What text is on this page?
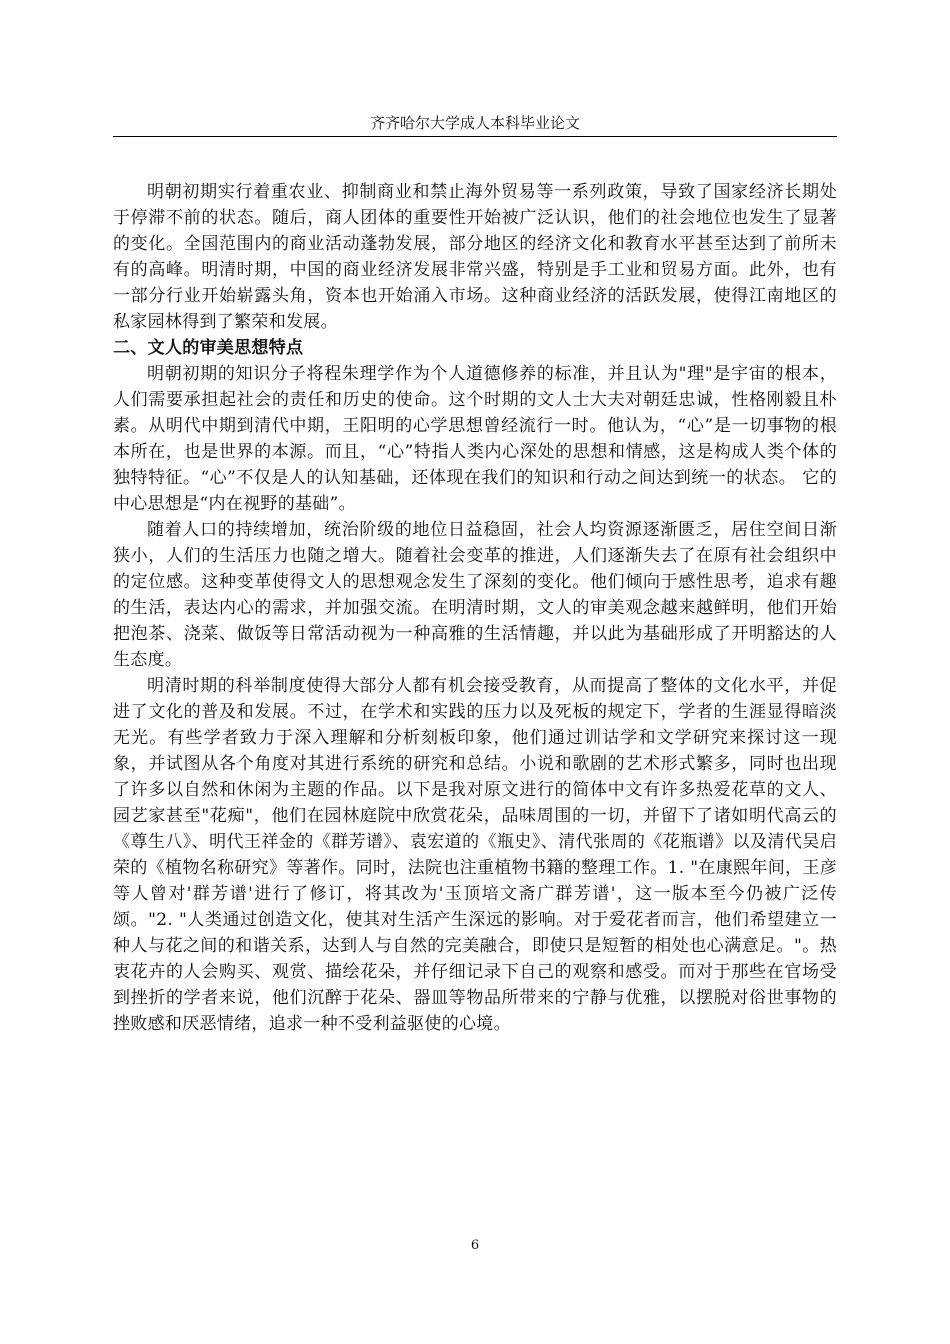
齐齐哈尔大学成人本科毕业论文

明朝初期实行着重农业、抑制商业和禁止海外贸易等一系列政策，导致了国家经济长期处于停滞不前的状态。随后，商人团体的重要性开始被广泛认识，他们的社会地位也发生了显著的变化。全国范围内的商业活动蓬勃发展，部分地区的经济文化和教育水平甚至达到了前所未有的高峰。明清时期，中国的商业经济发展非常兴盛，特别是手工业和贸易方面。此外，也有一部分行业开始崭露头角，资本也开始涌入市场。这种商业经济的活跃发展，使得江南地区的私家园林得到了繁荣和发展。

二、文人的审美思想特点

明朝初期的知识分子将程朱理学作为个人道德修养的标准，并且认为"理"是宇宙的根本，人们需要承担起社会的责任和历史的使命。这个时期的文人士大夫对朝廷忠诚，性格刚毅且朴素。从明代中期到清代中期，王阳明的心学思想曾经流行一时。他认为，“心”是一切事物的根本所在，也是世界的本源。而且，“心”特指人类内心深处的思想和情感，这是构成人类个体的独特特征。“心”不仅是人的认知基础，还体现在我们的知识和行动之间达到统一的状态。 它的中心思想是“内在视野的基础”。

随着人口的持续增加，统治阶级的地位日益稳固，社会人均资源逐渐匮乏，居住空间日渐狭小，人们的生活压力也随之增大。随着社会变革的推进，人们逐渐失去了在原有社会组织中的定位感。这种变革使得文人的思想观念发生了深刻的变化。他们倾向于感性思考，追求有趣的生活，表达内心的需求，并加强交流。在明清时期，文人的审美观念越来越鲜明，他们开始把泡茶、浇菜、做饭等日常活动视为一种高雅的生活情趣，并以此为基础形成了开明豁达的人生态度。

明清时期的科举制度使得大部分人都有机会接受教育，从而提高了整体的文化水平，并促进了文化的普及和发展。不过，在学术和实践的压力以及死板的规定下，学者的生涯显得暗淡无光。有些学者致力于深入理解和分析刻板印象，他们通过训诂学和文学研究来探讨这一现象，并试图从各个角度对其进行系统的研究和总结。小说和歌剧的艺术形式繁多，同时也出现了许多以自然和休闲为主题的作品。以下是我对原文进行的简体中文有许多热爱花草的文人、园艺家甚至"花痴"，他们在园林庭院中欣赏花朵，品味周围的一切，并留下了诸如明代高云的《尊生八》、明代王祥金的《群芳谱》、袁宏道的《瓶史》、清代张周的《花瓶谱》以及清代吴启荣的《植物名称研究》等著作。同时，法院也注重植物书籍的整理工作。1. "在康熙年间，王彦等人曾对'群芳谱'进行了修订，将其改为'玉顶培文斋广群芳谱'，这一版本至今仍被广泛传颂。"2. "人类通过创造文化，使其对生活产生深远的影响。对于爱花者而言，他们希望建立一种人与花之间的和谐关系，达到人与自然的完美融合，即使只是短暂的相处也心满意足。"。热衷花卉的人会购买、观赏、描绘花朵，并仔细记录下自己的观察和感受。而对于那些在官场受到挫折的学者来说，他们沉醉于花朵、器皿等物品所带来的宁静与优雅，以摆脱对俗世事物的挫败感和厌恶情绪，追求一种不受利益驱使的心境。

6
